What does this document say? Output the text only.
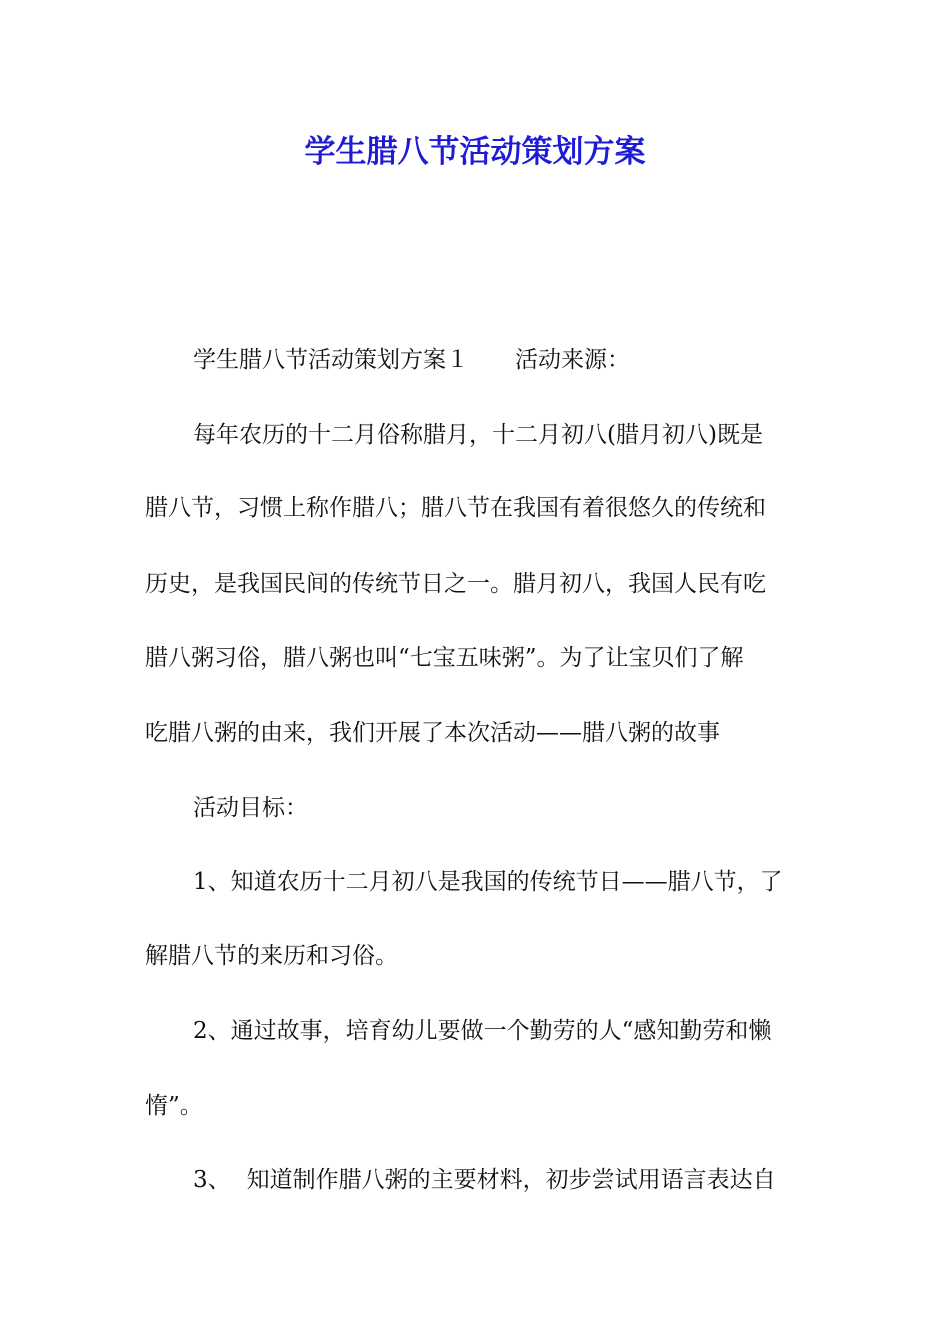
学生腊八节活动策划方案
学生腊八节活动策划方案１ 活动来源：
每年农历的十二月俗称腊月，十二月初八(腊月初八)既是
腊八节，习惯上称作腊八；腊八节在我国有着很悠久的传统和
历史，是我国民间的传统节日之一。腊月初八，我国人民有吃
腊八粥习俗，腊八粥也叫“七宝五味粥”。为了让宝贝们了解
吃腊八粥的由来，我们开展了本次活动——腊八粥的故事
活动目标：
1、知道农历十二月初八是我国的传统节日——腊八节，了
解腊八节的来历和习俗。
2、通过故事，培育幼儿要做一个勤劳的人“感知勤劳和懒
惰”。
3、 知道制作腊八粥的主要材料，初步尝试用语言表达自
